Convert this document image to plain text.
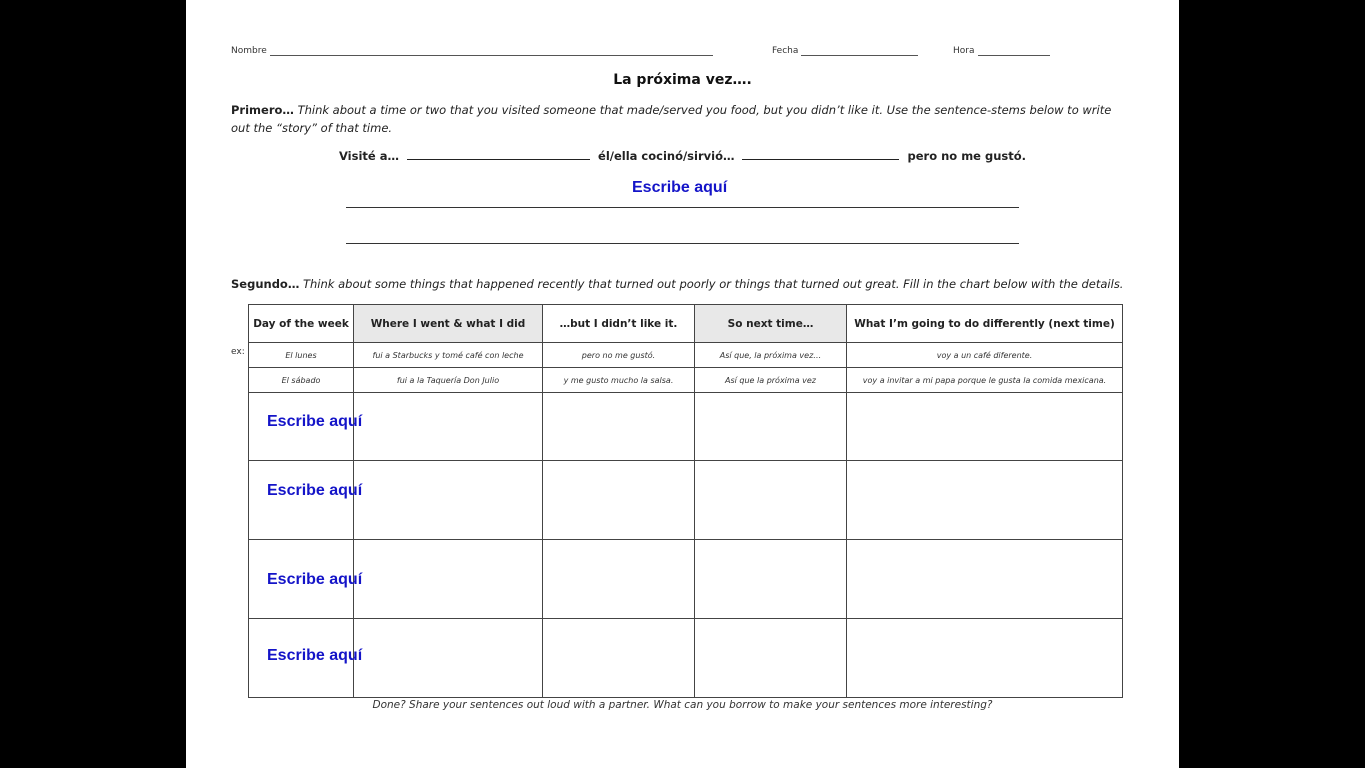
Nombre	Fecha	Hora
La próxima vez….
Primero… Think about a time or two that you visited someone that made/served you food, but you didn’t like it. Use the sentence-stems below to write out the “story” of that time.
Visité a…	él/ella cocinó/sirvió…	pero no me gustó.
Escribe aquí
Segundo… Think about some things that happened recently that turned out poorly or things that turned out great. Fill in the chart below with the details.
ex:
Day of the week	Where I went & what I did	…but I didn’t like it.	So next time…	What I’m going to do differently (next time)
El lunes	fui a Starbucks y tomé café con leche	pero no me gustó.	Así que, la próxima vez…	voy a un café diferente.
El sábado	fui a la Taquería Don Julio	y me gusto mucho la salsa.	Así que la próxima vez	voy a invitar a mi papa porque le gusta la comida mexicana.

Escribe aquí
Escribe aquí
Escribe aquí
Escribe aquí
Done? Share your sentences out loud with a partner. What can you borrow to make your sentences more interesting?
